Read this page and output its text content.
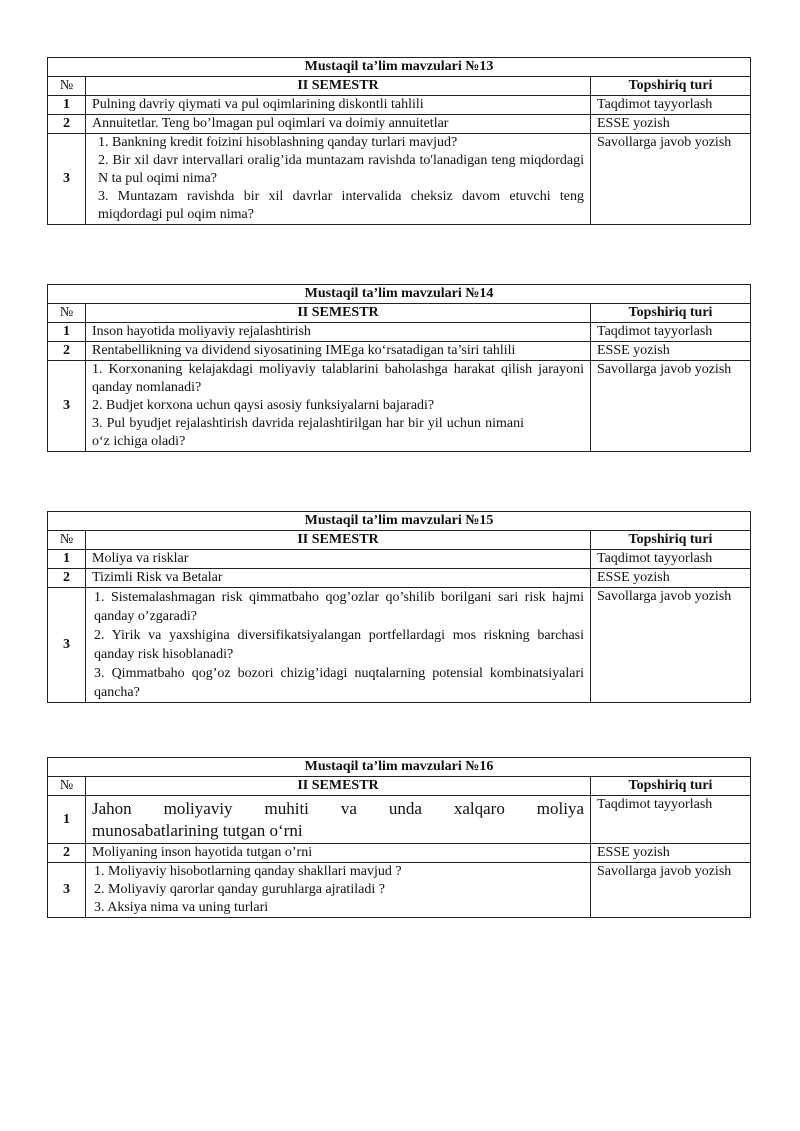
Mustaqil ta’lim mavzulari №13		
№	II SEMESTR	Topshiriq turi
1	Pulning davriy qiymati va pul oqimlarining diskontli tahlili	Taqdimot tayyorlash
2	Annuitetlar. Teng bo’lmagan pul oqimlari va doimiy annuitetlar	ESSE yozish
3	1. Bankning kredit foizini hisoblashning qanday turlari mavjud?
2. Bir xil davr intervallari oralig’ida muntazam ravishda to'lanadigan teng miqdordagi N ta pul oqimi nima?
3. Muntazam ravishda bir xil davrlar intervalida cheksiz davom etuvchi teng miqdordagi pul oqim nima?	Savollarga javob yozish
Mustaqil ta’lim mavzulari №14		
№	II SEMESTR	Topshiriq turi
1	Inson hayotida moliyaviy rejalashtirish	Taqdimot tayyorlash
2	Rentabellikning va dividend siyosatining IMEga ko‘rsatadigan ta’siri tahlili	ESSE yozish
3	1. Korxonaning kelajakdagi moliyaviy talablarini baholashga harakat qilish jarayoni qanday nomlanadi?
2. Budjet korxona uchun qaysi asosiy funksiyalarni bajaradi?
3. Pul byudjet rejalashtirish davrida rejalashtirilgan har bir yil uchun nimani o‘z ichiga oladi?	Savollarga javob yozish
Mustaqil ta’lim mavzulari №15		
№	II SEMESTR	Topshiriq turi
1	Moliya va risklar	Taqdimot tayyorlash
2	Tizimli Risk va Betalar	ESSE yozish
3	1. Sistemalashmagan risk qimmatbaho qog’ozlar qo’shilib borilgani sari risk hajmi qanday o’zgaradi?
2. Yirik va yaxshigina diversifikatsiyalangan portfellardagi mos riskning barchasi qanday risk hisoblanadi?
3. Qimmatbaho qog’oz bozori chizig’idagi nuqtalarning potensial kombinatsiyalari qancha?	Savollarga javob yozish
Mustaqil ta’lim mavzulari №16		
№	II SEMESTR	Topshiriq turi
1	Jahon moliyaviy muhiti va unda xalqaro moliya
munosabatlarining tutgan o‘rni	Taqdimot tayyorlash
2	Moliyaning inson hayotida tutgan o’rni	ESSE yozish
3	1. Moliyaviy hisobotlarning qanday shakllari mavjud ?
2. Moliyaviy qarorlar qanday guruhlarga ajratiladi ?
3. Aksiya nima va uning turlari	Savollarga javob yozish
